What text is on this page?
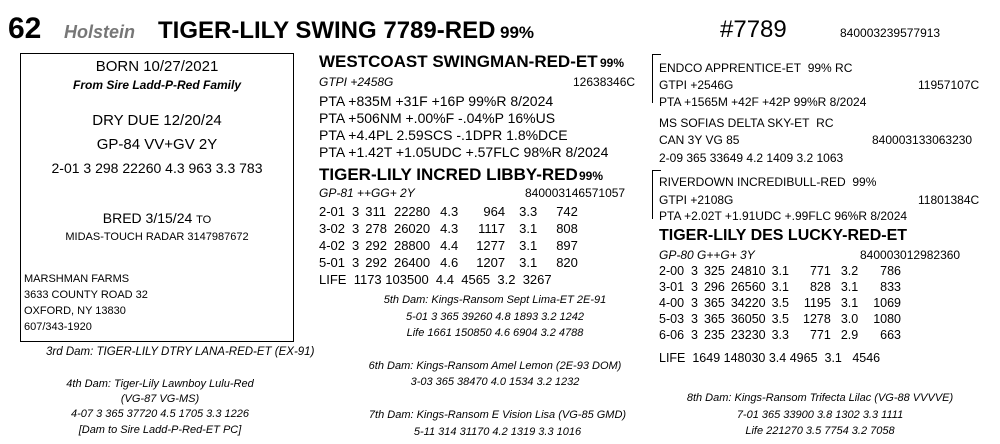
62 Holstein TIGER-LILY SWING 7789-RED 99%	#7789	840003239577913
BORN 10/27/2021
From Sire Ladd-P-Red Family
DRY DUE 12/20/24
GP-84 VV+GV 2Y
2-01 3 298 22260 4.3 963 3.3 783
BRED 3/15/24 TO
MIDAS-TOUCH RADAR 3147987672
MARSHMAN FARMS
3633 COUNTY ROAD 32
OXFORD, NY 13830
607/343-1920
WESTCOAST SWINGMAN-RED-ET 99%
GTPI +2458G	12638346C
PTA +835M +31F +16P 99%R 8/2024
PTA +506NM +.00%F -.04%P 16%US
PTA +4.4PL 2.59SCS -.1DPR 1.8%DCE
PTA +1.42T +1.05UDC +.57FLC 98%R 8/2024
TIGER-LILY INCRED LIBBY-RED 99%
GP-81 ++GG+ 2Y	840003146571057
2-01	3	311	22280	4.3	964	3.3	742
3-02	3	278	26020	4.3	1117	3.1	808
4-02	3	292	28800	4.4	1277	3.1	897
5-01	3	292	26400	4.6	1207	3.1	820
LIFE 1173 103500 4.4 4565 3.2 3267
ENDCO APPRENTICE-ET 99% RC
GTPI +2546G	11957107C
PTA +1565M +42F +42P 99%R 8/2024
MS SOFIAS DELTA SKY-ET RC
CAN 3Y VG 85	840003133063230
2-09 365 33649 4.2 1409 3.2 1063
RIVERDOWN INCREDIBULL-RED 99%
GTPI +2108G	11801384C
PTA +2.02T +1.91UDC +.99FLC 96%R 8/2024
TIGER-LILY DES LUCKY-RED-ET
GP-80 G++G+ 3Y	840003012982360
2-00	3	325	24810	3.1	771	3.2	786
3-01	3	296	26560	3.1	828	3.1	833
4-00	3	365	34220	3.5	1195	3.1	1069
5-03	3	365	36050	3.5	1278	3.0	1080
6-06	3	235	23230	3.3	771	2.9	663
LIFE 1649 148030 3.4 4965 3.1 4546
3rd Dam: TIGER-LILY DTRY LANA-RED-ET (EX-91)
4th Dam: Tiger-Lily Lawnboy Lulu-Red
(VG-87 VG-MS)
4-07 3 365 37720 4.5 1705 3.3 1226
[Dam to Sire Ladd-P-Red-ET PC]
5th Dam: Kings-Ransom Sept Lima-ET 2E-91
5-01 3 365 39260 4.8 1893 3.2 1242
Life 1661 150850 4.6 6904 3.2 4788
6th Dam: Kings-Ransom Amel Lemon (2E-93 DOM)
3-03 365 38470 4.0 1534 3.2 1232
7th Dam: Kings-Ransom E Vision Lisa (VG-85 GMD)
5-11 314 31170 4.2 1319 3.3 1016
8th Dam: Kings-Ransom Trifecta Lilac (VG-88 VVVVE)
7-01 365 33900 3.8 1302 3.3 1111
Life 221270 3.5 7754 3.2 7058
